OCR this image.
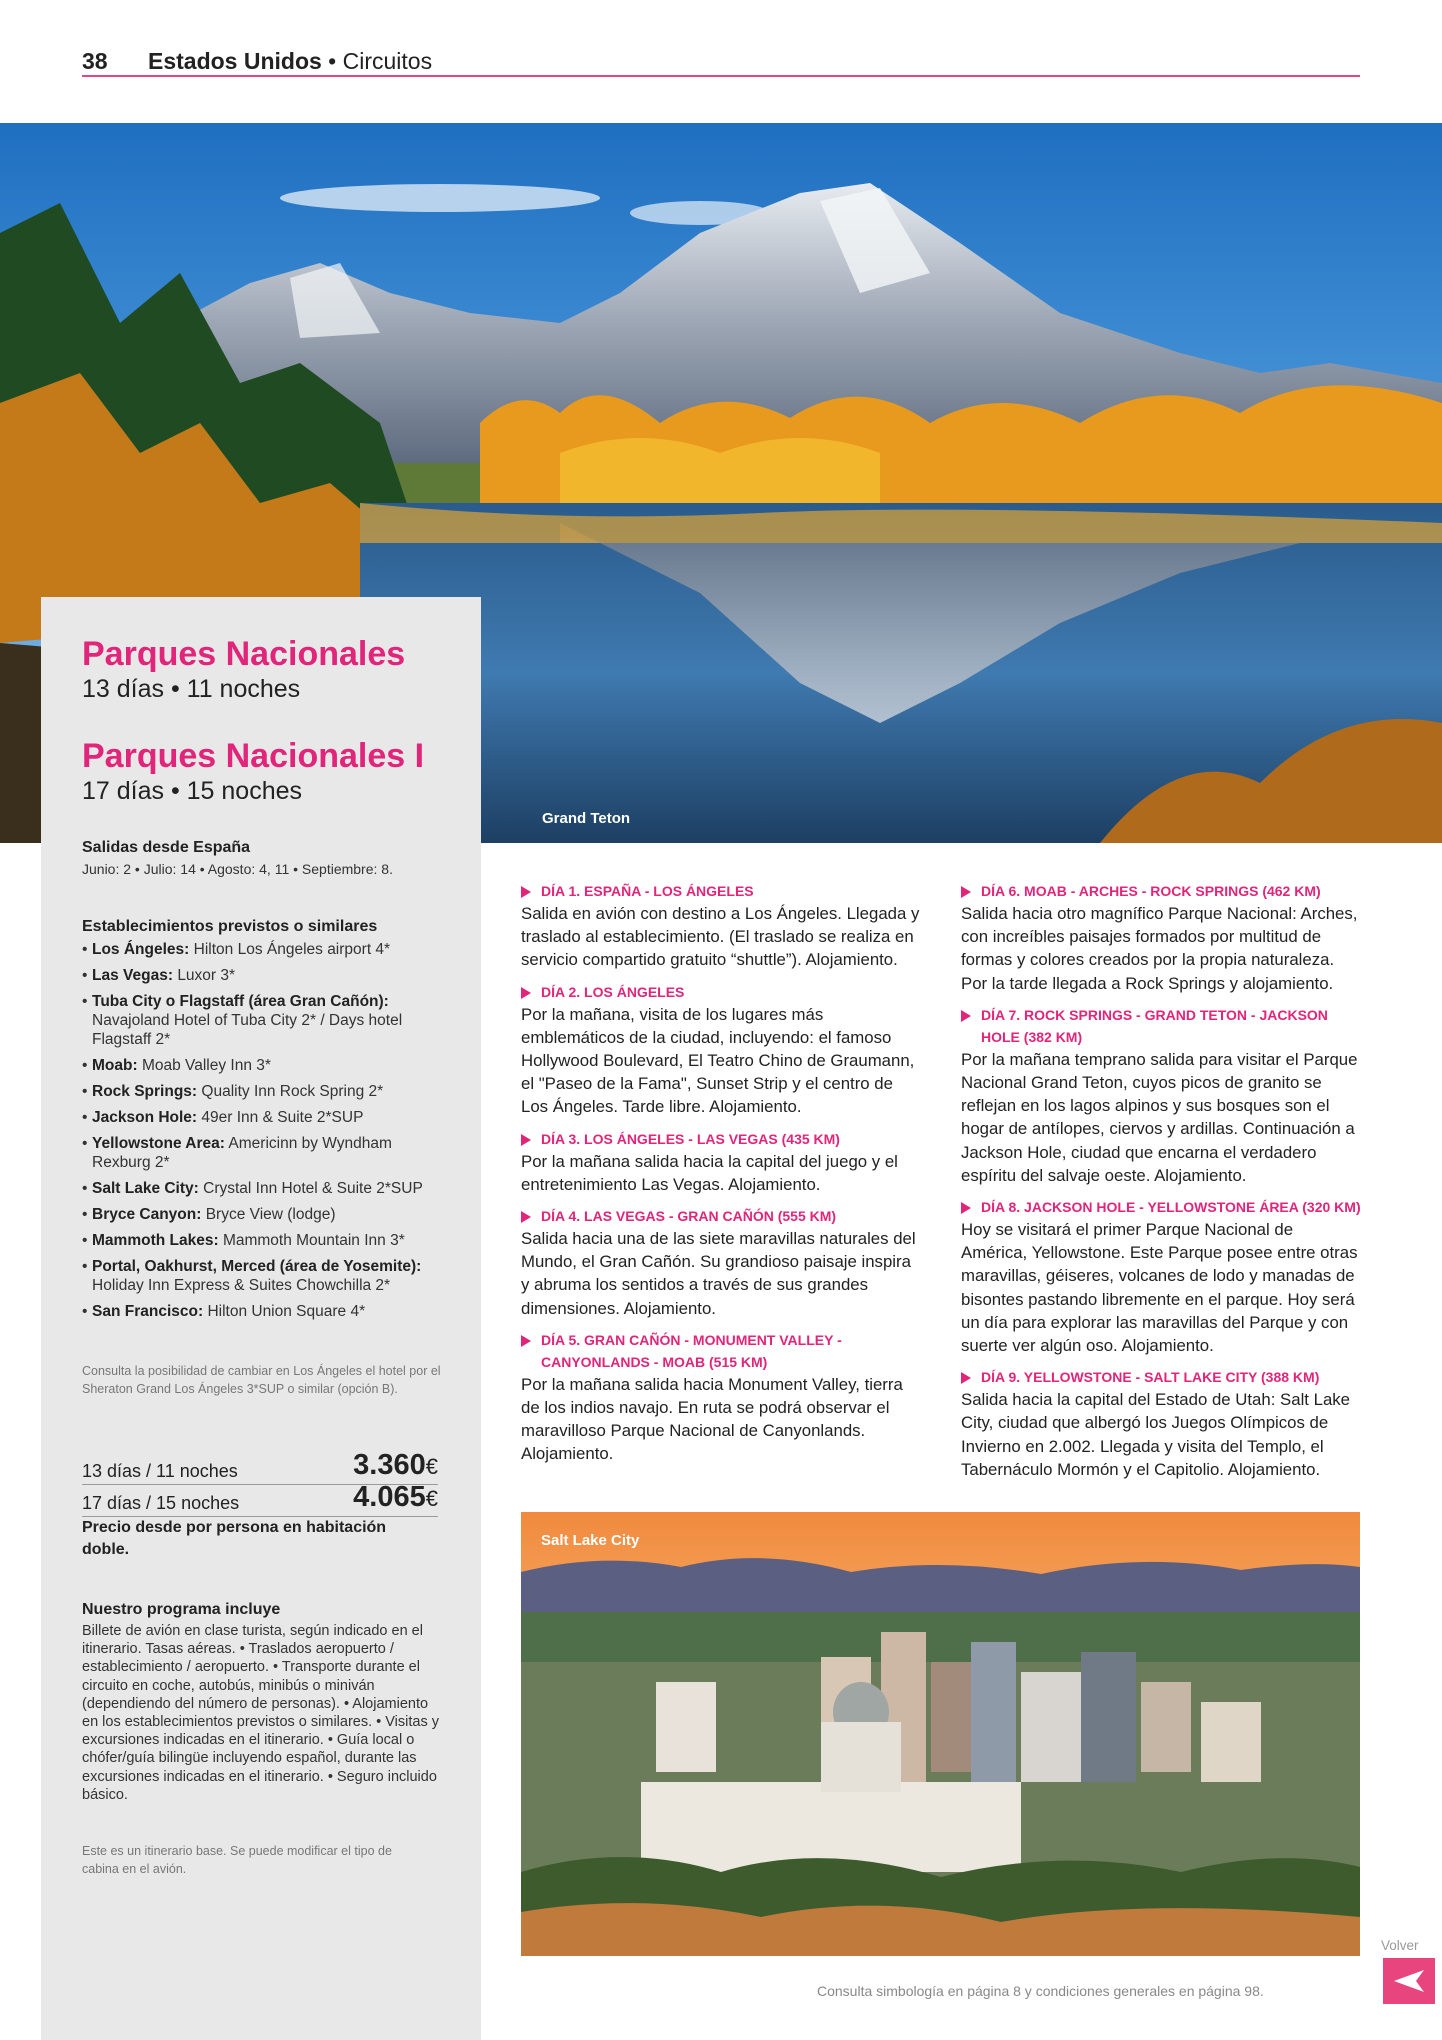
38 Estados Unidos • Circuitos
Grand Teton
Parques Nacionales
13 días • 11 noches
Parques Nacionales I
17 días • 15 noches
Salidas desde España
Junio: 2 • Julio: 14 • Agosto: 4, 11 • Septiembre: 8.
Establecimientos previstos o similares
• Los Ángeles: Hilton Los Ángeles airport 4*
• Las Vegas: Luxor 3*
• Tuba City o Flagstaff (área Gran Cañón): Navajoland Hotel of Tuba City 2* / Days hotel Flagstaff 2*
• Moab: Moab Valley Inn 3*
• Rock Springs: Quality Inn Rock Spring 2*
• Jackson Hole: 49er Inn & Suite 2*SUP
• Yellowstone Area: Americinn by Wyndham Rexburg 2*
• Salt Lake City: Crystal Inn Hotel & Suite 2*SUP
• Bryce Canyon: Bryce View (lodge)
• Mammoth Lakes: Mammoth Mountain Inn 3*
• Portal, Oakhurst, Merced (área de Yosemite): Holiday Inn Express & Suites Chowchilla 2*
• San Francisco: Hilton Union Square 4*
Consulta la posibilidad de cambiar en Los Ángeles el hotel por el Sheraton Grand Los Ángeles 3*SUP o similar (opción B).
13 días / 11 noches	3.360€
17 días / 15 noches	4.065€
Precio desde por persona en habitación doble.
Nuestro programa incluye
Billete de avión en clase turista, según indicado en el itinerario. Tasas aéreas. • Traslados aeropuerto / establecimiento / aeropuerto. • Transporte durante el circuito en coche, autobús, minibús o miniván (dependiendo del número de personas). • Alojamiento en los establecimientos previstos o similares. • Visitas y excursiones indicadas en el itinerario. • Guía local o chófer/guía bilingüe incluyendo español, durante las excursiones indicadas en el itinerario. • Seguro incluido básico.
Este es un itinerario base. Se puede modificar el tipo de cabina en el avión.
DÍA 1. ESPAÑA - LOS ÁNGELES
Salida en avión con destino a Los Ángeles. Llegada y traslado al establecimiento. (El traslado se realiza en servicio compartido gratuito “shuttle”). Alojamiento.
DÍA 2. LOS ÁNGELES
Por la mañana, visita de los lugares más emblemáticos de la ciudad, incluyendo: el famoso Hollywood Boulevard, El Teatro Chino de Graumann, el "Paseo de la Fama", Sunset Strip y el centro de Los Ángeles. Tarde libre. Alojamiento.
DÍA 3. LOS ÁNGELES - LAS VEGAS (435 KM)
Por la mañana salida hacia la capital del juego y el entretenimiento Las Vegas. Alojamiento.
DÍA 4. LAS VEGAS - GRAN CAÑÓN (555 KM)
Salida hacia una de las siete maravillas naturales del Mundo, el Gran Cañón. Su grandioso paisaje inspira y abruma los sentidos a través de sus grandes dimensiones. Alojamiento.
DÍA 5. GRAN CAÑÓN - MONUMENT VALLEY - CANYONLANDS - MOAB (515 KM)
Por la mañana salida hacia Monument Valley, tierra de los indios navajo. En ruta se podrá observar el maravilloso Parque Nacional de Canyonlands. Alojamiento.
DÍA 6. MOAB - ARCHES - ROCK SPRINGS (462 KM)
Salida hacia otro magnífico Parque Nacional: Arches, con increíbles paisajes formados por multitud de formas y colores creados por la propia naturaleza. Por la tarde llegada a Rock Springs y alojamiento.
DÍA 7. ROCK SPRINGS - GRAND TETON - JACKSON HOLE (382 KM)
Por la mañana temprano salida para visitar el Parque Nacional Grand Teton, cuyos picos de granito se reflejan en los lagos alpinos y sus bosques son el hogar de antílopes, ciervos y ardillas. Continuación a Jackson Hole, ciudad que encarna el verdadero espíritu del salvaje oeste. Alojamiento.
DÍA 8. JACKSON HOLE - YELLOWSTONE ÁREA (320 KM)
Hoy se visitará el primer Parque Nacional de América, Yellowstone. Este Parque posee entre otras maravillas, géiseres, volcanes de lodo y manadas de bisontes pastando libremente en el parque. Hoy será un día para explorar las maravillas del Parque y con suerte ver algún oso. Alojamiento.
DÍA 9. YELLOWSTONE - SALT LAKE CITY (388 KM)
Salida hacia la capital del Estado de Utah: Salt Lake City, ciudad que albergó los Juegos Olímpicos de Invierno en 2.002. Llegada y visita del Templo, el Tabernáculo Mormón y el Capitolio. Alojamiento.
Salt Lake City
Consulta simbología en página 8 y condiciones generales en página 98.
Volver
